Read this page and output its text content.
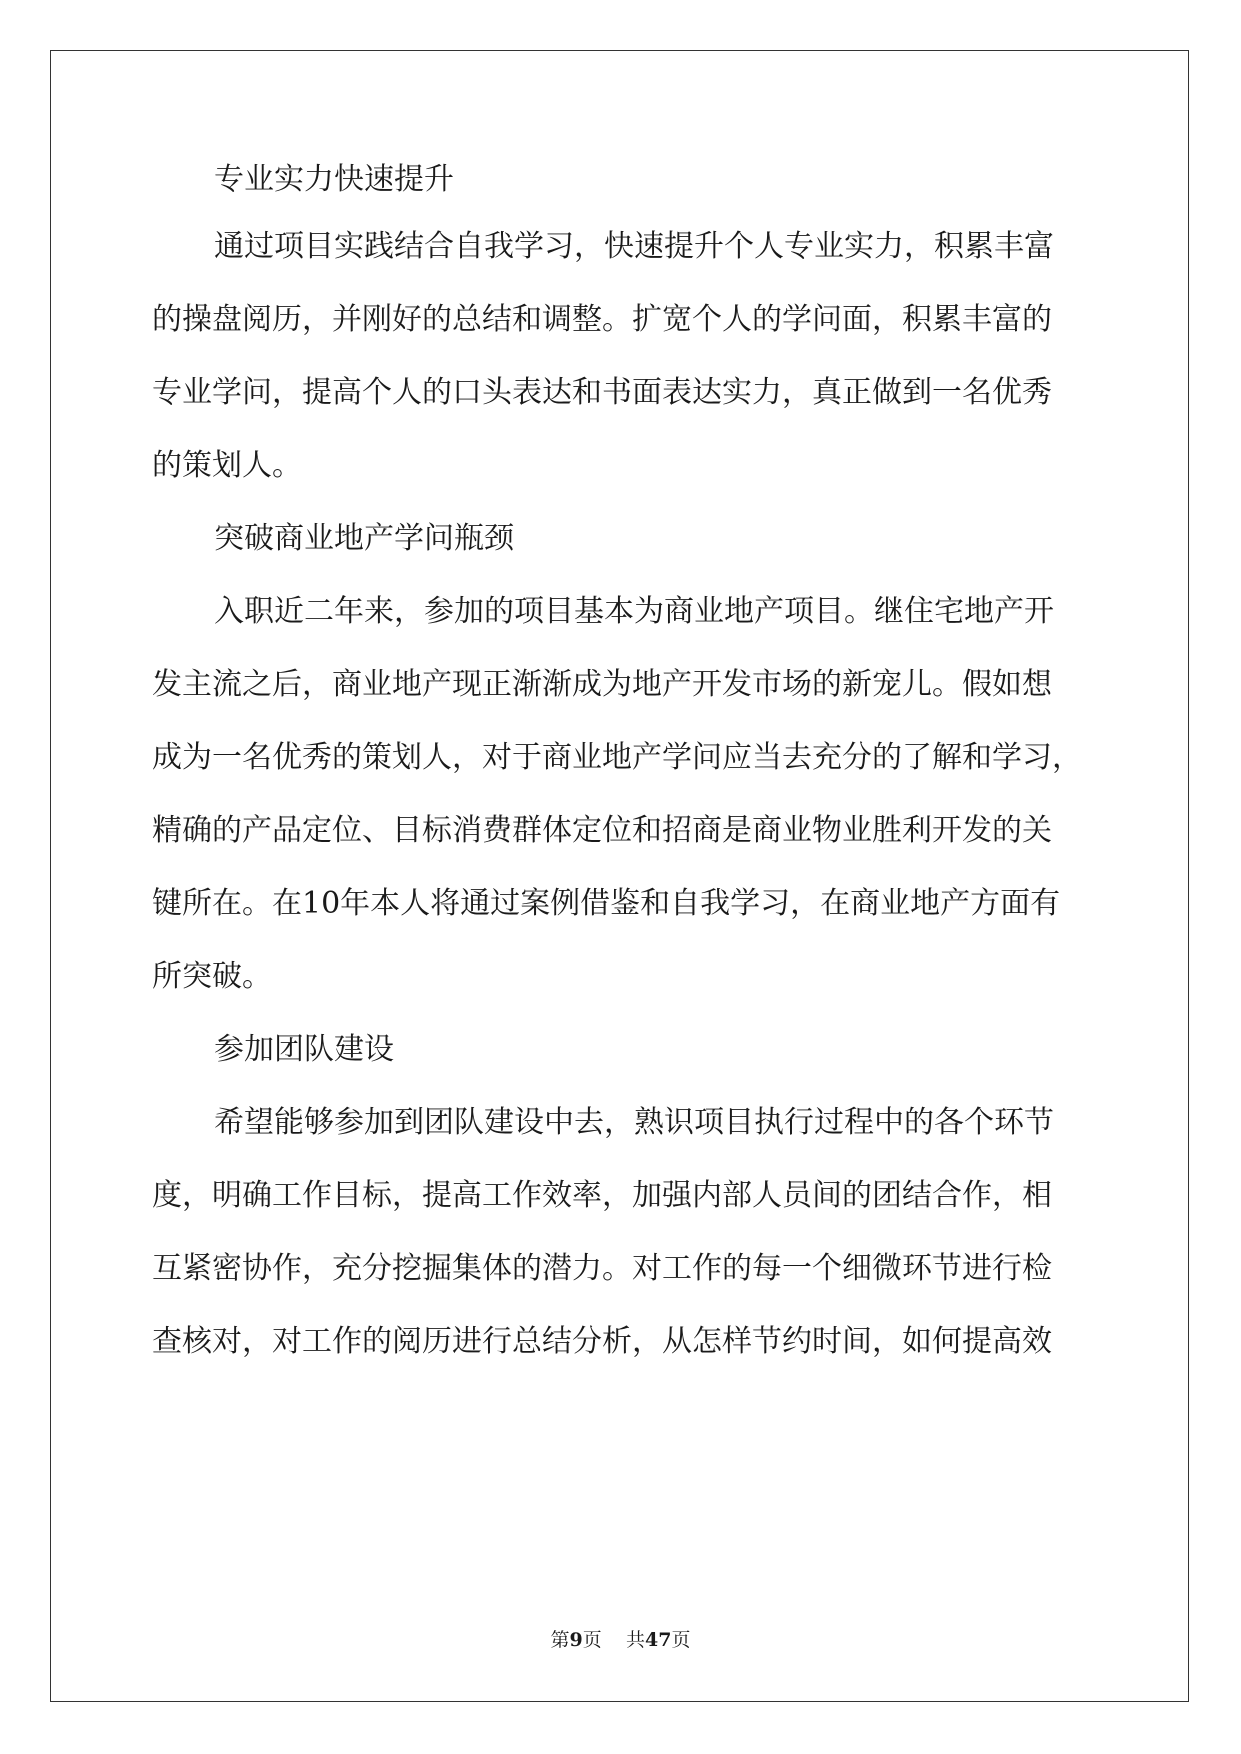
专业实力快速提升
通过项目实践结合自我学习，快速提升个人专业实力，积累丰富
的操盘阅历，并刚好的总结和调整。扩宽个人的学问面，积累丰富的
专业学问，提高个人的口头表达和书面表达实力，真正做到一名优秀
的策划人。
突破商业地产学问瓶颈
入职近二年来，参加的项目基本为商业地产项目。继住宅地产开
发主流之后，商业地产现正渐渐成为地产开发市场的新宠儿。假如想
成为一名优秀的策划人，对于商业地产学问应当去充分的了解和学习，
精确的产品定位、目标消费群体定位和招商是商业物业胜利开发的关
键所在。在10年本人将通过案例借鉴和自我学习，在商业地产方面有
所突破。
参加团队建设
希望能够参加到团队建设中去，熟识项目执行过程中的各个环节
度，明确工作目标，提高工作效率，加强内部人员间的团结合作，相
互紧密协作，充分挖掘集体的潜力。对工作的每一个细微环节进行检
查核对，对工作的阅历进行总结分析，从怎样节约时间，如何提高效
第9页 共47页
